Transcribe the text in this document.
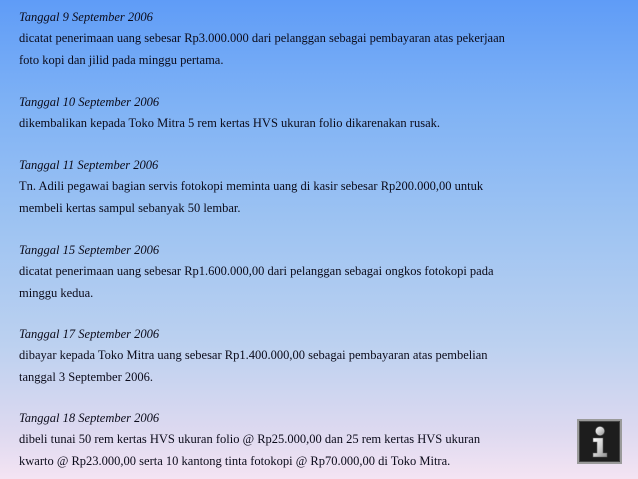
Tanggal 9 September 2006
dicatat penerimaan uang sebesar Rp3.000.000 dari pelanggan sebagai pembayaran atas pekerjaan
foto kopi dan jilid pada minggu pertama.
Tanggal 10 September 2006
dikembalikan kepada Toko Mitra 5 rem kertas HVS ukuran folio dikarenakan rusak.
Tanggal 11 September 2006
Tn. Adili pegawai bagian servis fotokopi meminta uang di kasir sebesar Rp200.000,00 untuk
membeli kertas sampul sebanyak 50 lembar.
Tanggal 15 September 2006
dicatat penerimaan uang sebesar Rp1.600.000,00 dari pelanggan sebagai ongkos fotokopi pada
minggu kedua.
Tanggal 17 September 2006
dibayar kepada Toko Mitra uang sebesar Rp1.400.000,00 sebagai pembayaran atas pembelian
tanggal 3 September 2006.
Tanggal 18 September 2006
dibeli tunai 50 rem kertas HVS ukuran folio @ Rp25.000,00 dan 25 rem kertas HVS ukuran
kwarto @ Rp23.000,00 serta 10 kantong tinta fotokopi @ Rp70.000,00 di Toko Mitra.
